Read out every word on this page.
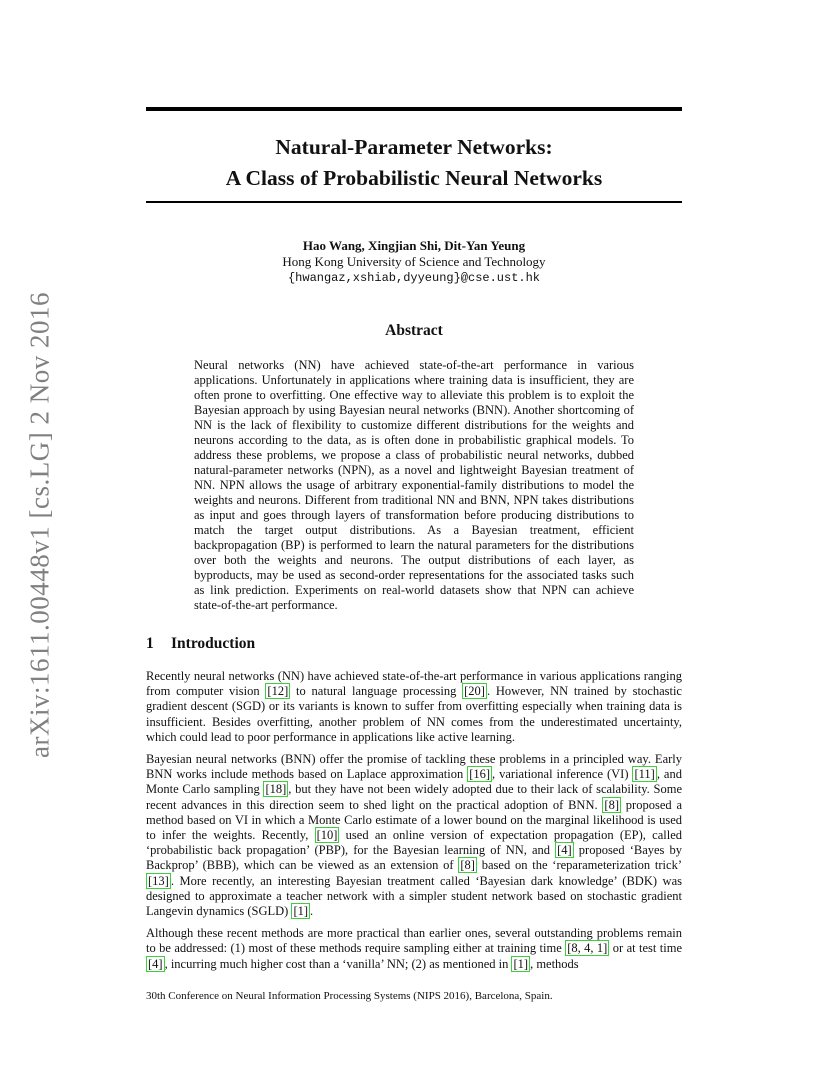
Natural-Parameter Networks:
A Class of Probabilistic Neural Networks
arXiv:1611.00448v1 [cs.LG] 2 Nov 2016
Hao Wang, Xingjian Shi, Dit-Yan Yeung
Hong Kong University of Science and Technology
{hwangaz,xshiab,dyyeung}@cse.ust.hk
Abstract
Neural networks (NN) have achieved state-of-the-art performance in various applications. Unfortunately in applications where training data is insufficient, they are often prone to overfitting. One effective way to alleviate this problem is to exploit the Bayesian approach by using Bayesian neural networks (BNN). Another shortcoming of NN is the lack of flexibility to customize different distributions for the weights and neurons according to the data, as is often done in probabilistic graphical models. To address these problems, we propose a class of probabilistic neural networks, dubbed natural-parameter networks (NPN), as a novel and lightweight Bayesian treatment of NN. NPN allows the usage of arbitrary exponential-family distributions to model the weights and neurons. Different from traditional NN and BNN, NPN takes distributions as input and goes through layers of transformation before producing distributions to match the target output distributions. As a Bayesian treatment, efficient backpropagation (BP) is performed to learn the natural parameters for the distributions over both the weights and neurons. The output distributions of each layer, as byproducts, may be used as second-order representations for the associated tasks such as link prediction. Experiments on real-world datasets show that NPN can achieve state-of-the-art performance.
1 Introduction

Recently neural networks (NN) have achieved state-of-the-art performance in various applications ranging from computer vision [12] to natural language processing [20] . However, NN trained by stochastic gradient descent (SGD) or its variants is known to suffer from overfitting especially when training data is insufficient. Besides overfitting, another problem of NN comes from the underestimated uncertainty, which could lead to poor performance in applications like active learning.

Bayesian neural networks (BNN) offer the promise of tackling these problems in a principled way. Early BNN works include methods based on Laplace approximation [16] , variational inference (VI) [11] , and Monte Carlo sampling [18] , but they have not been widely adopted due to their lack of scalability. Some recent advances in this direction seem to shed light on the practical adoption of BNN. [8] proposed a method based on VI in which a Monte Carlo estimate of a lower bound on the marginal likelihood is used to infer the weights. Recently, [10] used an online version of expectation propagation (EP), called ‘probabilistic back propagation’ (PBP), for the Bayesian learning of NN, and [4] proposed ‘Bayes by Backprop’ (BBB), which can be viewed as an extension of [8] based on the ‘reparameterization trick’ [13] . More recently, an interesting Bayesian treatment called ‘Bayesian dark knowledge’ (BDK) was designed to approximate a teacher network with a simpler student network based on stochastic gradient Langevin dynamics (SGLD) [1] .

Although these recent methods are more practical than earlier ones, several outstanding problems remain to be addressed: (1) most of these methods require sampling either at training time [8, 4, 1] or at test time [4] , incurring much higher cost than a ‘vanilla’ NN; (2) as mentioned in [1] , methods

30th Conference on Neural Information Processing Systems (NIPS 2016), Barcelona, Spain.
